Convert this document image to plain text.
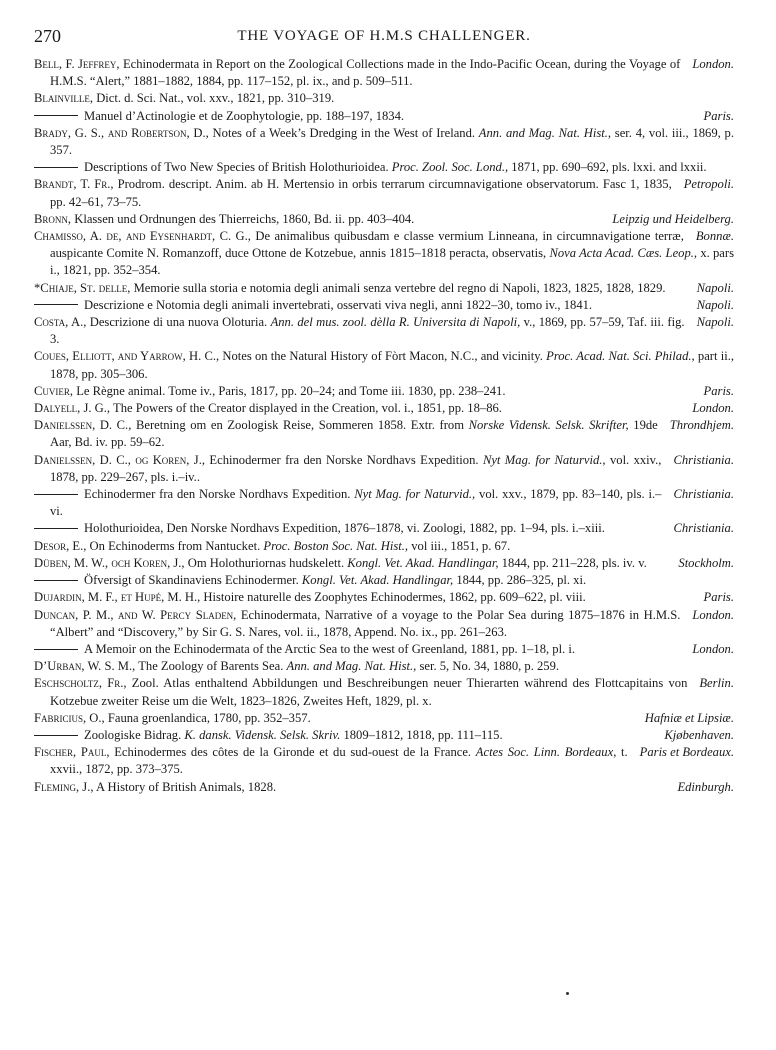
270	THE VOYAGE OF H.M.S CHALLENGER.

London.
Bell, F. Jeffrey, Echinodermata in Report on the Zoological Collections made in the Indo-Pacific Ocean, during the Voyage of H.M.S. “Alert,” 1881–1882, 1884, pp. 117–152, pl. ix., and p. 509–511.

Blainville, Dict. d. Sci. Nat., vol. xxv., 1821, pp. 310–319.

Paris.
Manuel d’Actinologie et de Zoophytologie, pp. 188–197, 1834.

Brady, G. S., and Robertson, D., Notes of a Week’s Dredging in the West of Ireland. Ann. and Mag. Nat. Hist., ser. 4, vol. iii., 1869, p. 357.

Descriptions of Two New Species of British Holothurioidea. Proc. Zool. Soc. Lond., 1871, pp. 690–692, pls. lxxi. and lxxii.

Petropoli.
Brandt, T. Fr., Prodrom. descript. Anim. ab H. Mertensio in orbis terrarum circumnavigatione observatorum. Fasc 1, 1835, pp. 42–61, 73–75.

Leipzig und Heidelberg.
Bronn, Klassen und Ordnungen des Thierreichs, 1860, Bd. ii. pp. 403–404.

Bonnæ.
Chamisso, A. de, and Eysenhardt, C. G., De animalibus quibusdam e classe vermium Linneana, in circumnavigatione terræ, auspicante Comite N. Romanzoff, duce Ottone de Kotzebue, annis 1815–1818 peracta, observatis, Nova Acta Acad. Cæs. Leop., x. pars i., 1821, pp. 352–354.

Napoli.
*Chiaje, St. delle, Memorie sulla storia e notomia degli animali senza vertebre del regno di Napoli, 1823, 1825, 1828, 1829.

Napoli.
Descrizione e Notomia degli animali invertebrati, osservati viva negli, anni 1822–30, tomo iv., 1841.

Napoli.
Costa, A., Descrizione di una nuova Oloturia. Ann. del mus. zool. dèlla R. Universita di Napoli, v., 1869, pp. 57–59, Taf. iii. fig. 3.

Coues, Elliott, and Yarrow, H. C., Notes on the Natural History of Fòrt Macon, N.C., and vicinity. Proc. Acad. Nat. Sci. Philad., part ii., 1878, pp. 305–306.

Paris.
Cuvier, Le Règne animal. Tome iv., Paris, 1817, pp. 20–24; and Tome iii. 1830, pp. 238–241.

London.
Dalyell, J. G., The Powers of the Creator displayed in the Creation, vol. i., 1851, pp. 18–86.

Throndhjem.
Danielssen, D. C., Beretning om en Zoologisk Reise, Sommeren 1858. Extr. from Norske Vidensk. Selsk. Skrifter, 19de Aar, Bd. iv. pp. 59–62.

Christiania.
Danielssen, D. C., og Koren, J., Echinodermer fra den Norske Nordhavs Expedition. Nyt Mag. for Naturvid., vol. xxiv., 1878, pp. 229–267, pls. i.–iv..

Christiania.
Echinodermer fra den Norske Nordhavs Expedition. Nyt Mag. for Naturvid., vol. xxv., 1879, pp. 83–140, pls. i.–vi.

Christiania.
Holothurioidea, Den Norske Nordhavs Expedition, 1876–1878, vi. Zoologi, 1882, pp. 1–94, pls. i.–xiii.

Desor, E., On Echinoderms from Nantucket. Proc. Boston Soc. Nat. Hist., vol iii., 1851, p. 67.

Stockholm.
Düben, M. W., och Koren, J., Om Holothuriornas hudskelett. Kongl. Vet. Akad. Handlingar, 1844, pp. 211–228, pls. iv. v.

Öfversigt of Skandinaviens Echinodermer. Kongl. Vet. Akad. Handlingar, 1844, pp. 286–325, pl. xi.

Paris.
Dujardin, M. F., et Hupé, M. H., Histoire naturelle des Zoophytes Echinodermes, 1862, pp. 609–622, pl. viii.

London.
Duncan, P. M., and W. Percy Sladen, Echinodermata, Narrative of a voyage to the Polar Sea during 1875–1876 in H.M.S. “Albert” and “Discovery,” by Sir G. S. Nares, vol. ii., 1878, Append. No. ix., pp. 261–263.

London.
A Memoir on the Echinodermata of the Arctic Sea to the west of Greenland, 1881, pp. 1–18, pl. i.

D’Urban, W. S. M., The Zoology of Barents Sea. Ann. and Mag. Nat. Hist., ser. 5, No. 34, 1880, p. 259.

Berlin.
Eschscholtz, Fr., Zool. Atlas enthaltend Abbildungen und Beschreibungen neuer Thierarten während des Flottcapitains von Kotzebue zweiter Reise um die Welt, 1823–1826, Zweites Heft, 1829, pl. x.

Hafniæ et Lipsiæ.
Fabricius, O., Fauna groenlandica, 1780, pp. 352–357.

Kjøbenhaven.
Zoologiske Bidrag. K. dansk. Vidensk. Selsk. Skriv. 1809–1812, 1818, pp. 111–115.

Paris et Bordeaux.
Fischer, Paul, Echinodermes des côtes de la Gironde et du sud-ouest de la France. Actes Soc. Linn. Bordeaux, t. xxvii., 1872, pp. 373–375.

Edinburgh.
Fleming, J., A History of British Animals, 1828.
